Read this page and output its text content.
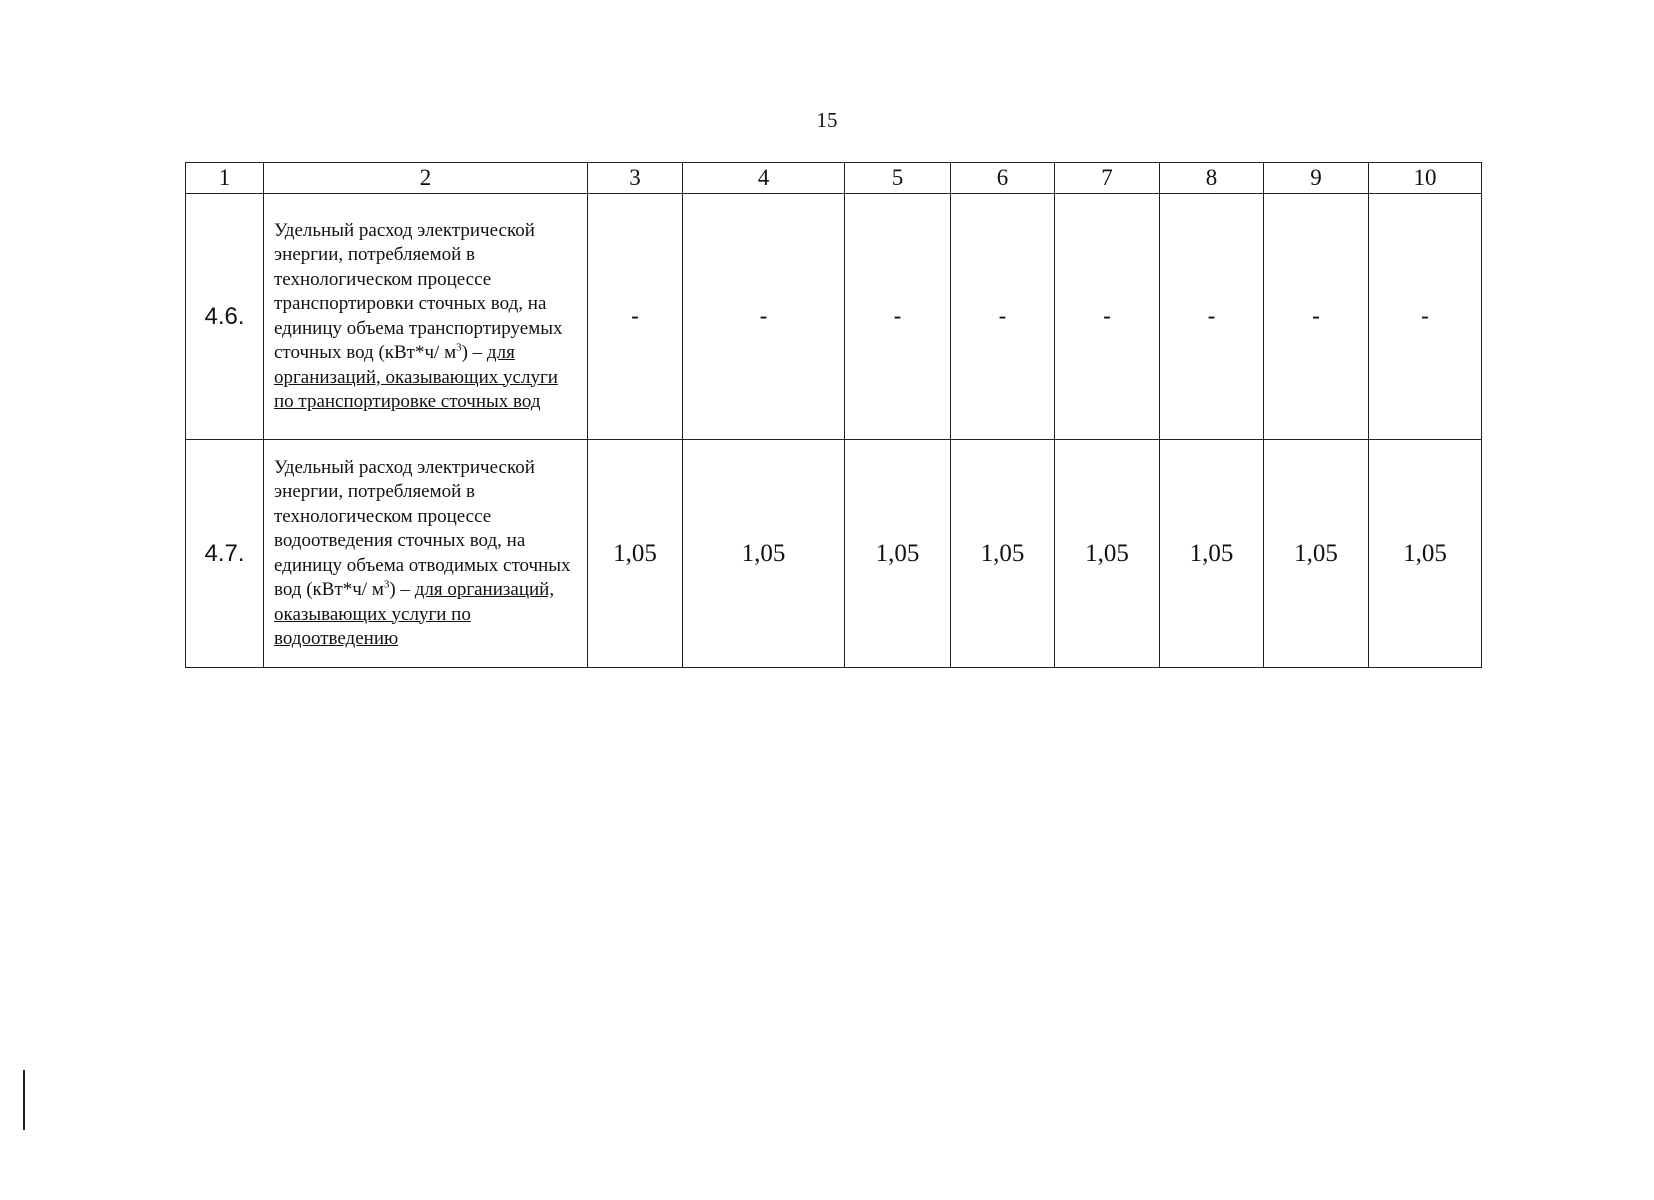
15
1	2	3	4	5	6	7	8	9	10
4.6.	Удельный расход электрической энергии, потребляемой в технологическом процессе транспортировки сточных вод, на единицу объема транспортируемых сточных вод (кВт*ч/ $м^3$) – для организаций, оказывающих услуги по транспортировке сточных вод	-	-	-	-	-	-	-	-
4.7.	Удельный расход электрической энергии, потребляемой в технологическом процессе водоотведения сточных вод, на единицу объема отводимых сточных вод (кВт*ч/ $м^3$) – для организаций, оказывающих услуги по водоотведению	1,05	1,05	1,05	1,05	1,05	1,05	1,05	1,05
